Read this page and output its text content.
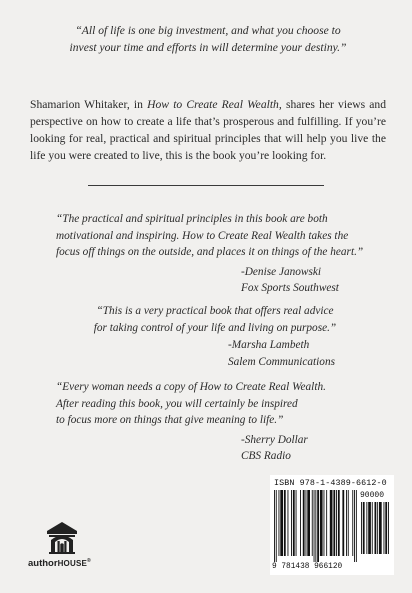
“All of life is one big investment, and what you choose to
invest your time and efforts in will determine your destiny.”
Shamarion Whitaker, in How to Create Real Wealth, shares her views and perspective on how to create a life that’s prosperous and fulfilling. If you’re looking for real, practical and spiritual principles that will help you live the life you were created to live, this is the book you’re looking for.
“The practical and spiritual principles in this book are both
motivational and inspiring. How to Create Real Wealth takes the
focus off things on the outside, and places it on things of the heart.”
-Denise Janowski
Fox Sports Southwest
“This is a very practical book that offers real advice
for taking control of your life and living on purpose.”
-Marsha Lambeth
Salem Communications
“Every woman needs a copy of How to Create Real Wealth.
After reading this book, you will certainly be inspired
to focus more on things that give meaning to life.”
-Sherry Dollar
CBS Radio
authorHOUSE®
ISBN 978-1-4389-6612-0
90000
9 781438 966120
